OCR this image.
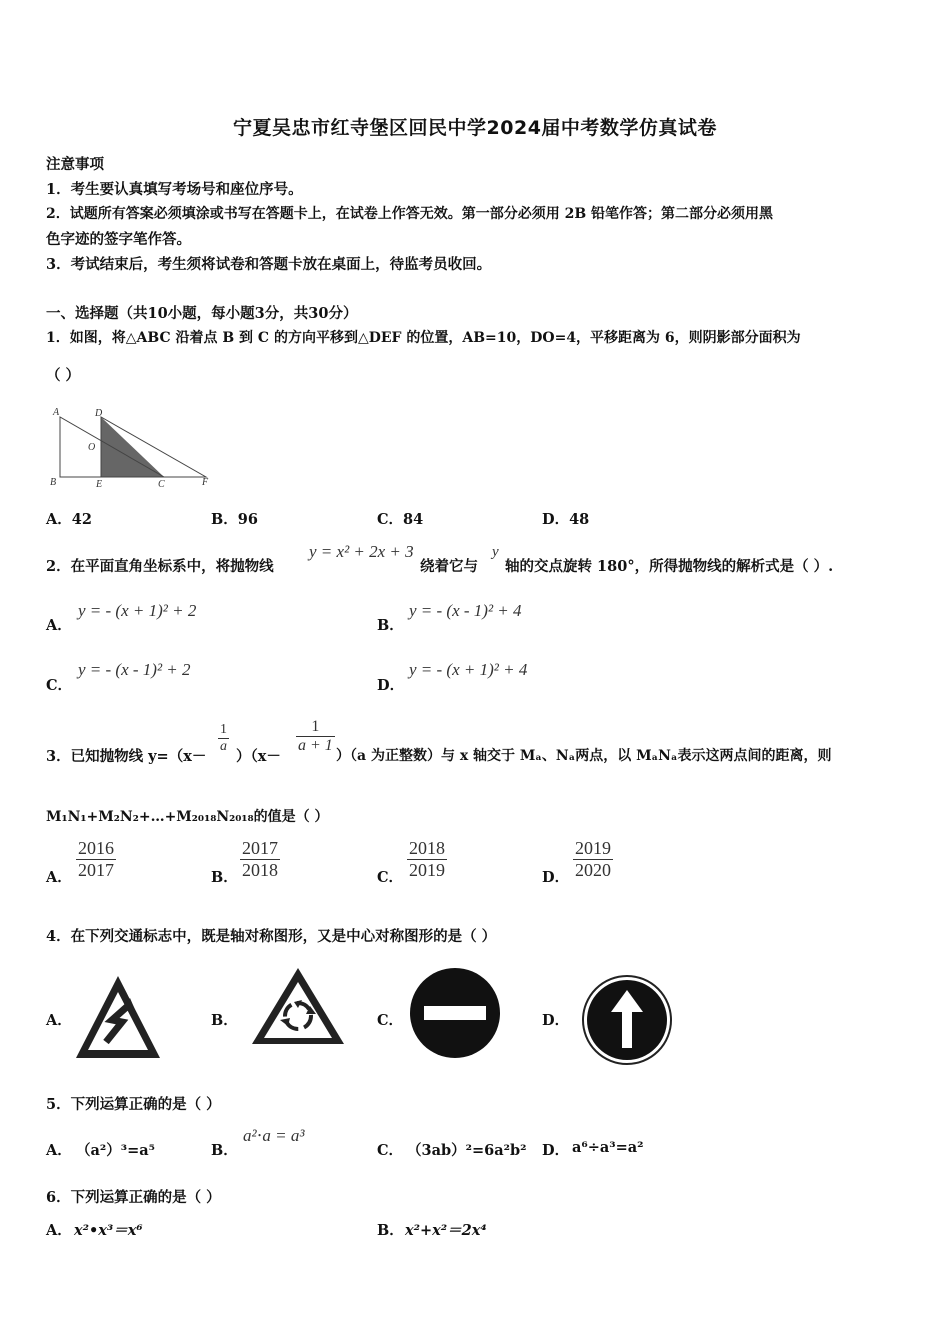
宁夏吴忠市红寺堡区回民中学2024届中考数学仿真试卷
注意事项
1．考生要认真填写考场号和座位序号。
2．试题所有答案必须填涂或书写在答题卡上，在试卷上作答无效。第一部分必须用 2B 铅笔作答；第二部分必须用黑
色字迹的签字笔作答。
3．考试结束后，考生须将试卷和答题卡放在桌面上，待监考员收回。
一、选择题（共10小题，每小题3分，共30分）
1．如图，将△ABC 沿着点 B 到 C 的方向平移到△DEF 的位置，AB=10，DO=4，平移距离为 6，则阴影部分面积为
（ ）
A	D
O
B	E	C	F
A．42	B．96	C．84	D．48
2．在平面直角坐标系中，将抛物线
y = x² + 2x + 3
绕着它与
y
轴的交点旋转 180°，所得抛物线的解析式是（ ）.
A．
y = - (x + 1)² + 2
B．
y = - (x - 1)² + 4
C．
y = - (x - 1)² + 2
D．
y = - (x + 1)² + 4
3．已知抛物线 y=（x－
$\frac{1}{a}$
）（x－
$\frac{1}{a + 1}$
）（a 为正整数）与 x 轴交于 Mₐ、Nₐ两点，以 MₐNₐ表示这两点间的距离，则
M₁N₁+M₂N₂+…+M₂₀₁₈N₂₀₁₈的值是（ ）
A． $\frac{2016}{2017}$	B． $\frac{2017}{2018}$	C． $\frac{2018}{2019}$	D． $\frac{2019}{2020}$
4．在下列交通标志中，既是轴对称图形，又是中心对称图形的是（ ）
A．	B．	C．	D．
5．下列运算正确的是（ ）
A． （a²）³=a⁵	B．
a²⋅a = a³
C． （3ab）²=6a²b² D． a⁶÷a³=a²
6．下列运算正确的是（ ）
A． x²•x³＝x⁶	B． x²+x²＝2x⁴
